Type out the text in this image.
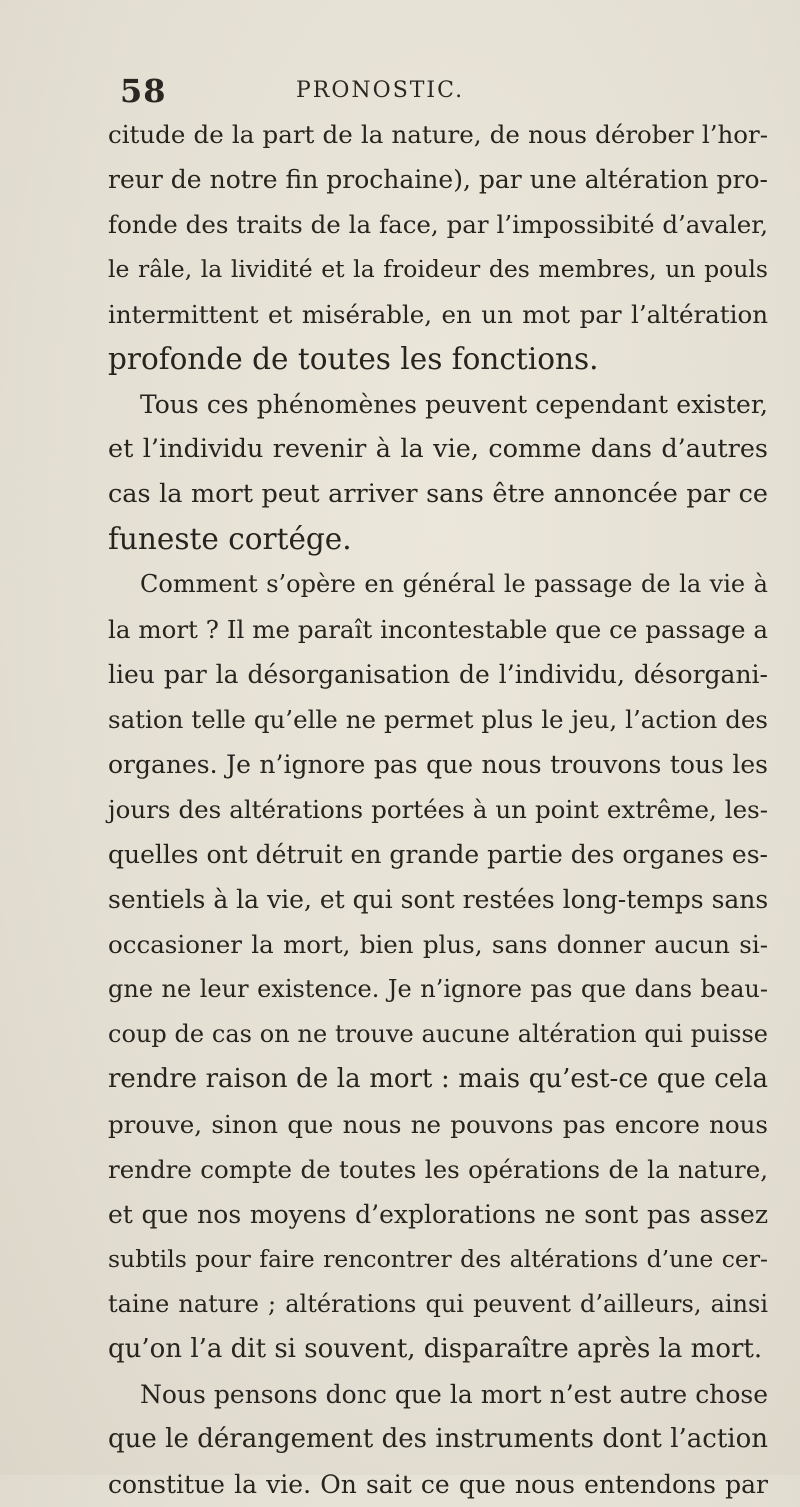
58	PRONOSTIC.
citude de la part de la nature, de nous dérober l’hor-
reur de notre fin prochaine), par une altération pro-
fonde des traits de la face, par l’impossibité d’avaler,
le râle, la lividité et la froideur des membres, un pouls
intermittent et misérable, en un mot par l’altération
profonde de toutes les fonctions.
Tous ces phénomènes peuvent cependant exister,
et l’individu revenir à la vie, comme dans d’autres
cas la mort peut arriver sans être annoncée par ce
funeste cortége.
Comment s’opère en général le passage de la vie à
la mort ? Il me paraît incontestable que ce passage a
lieu par la désorganisation de l’individu, désorgani-
sation telle qu’elle ne permet plus le jeu, l’action des
organes. Je n’ignore pas que nous trouvons tous les
jours des altérations portées à un point extrême, les-
quelles ont détruit en grande partie des organes es-
sentiels à la vie, et qui sont restées long-temps sans
occasioner la mort, bien plus, sans donner aucun si-
gne ne leur existence. Je n’ignore pas que dans beau-
coup de cas on ne trouve aucune altération qui puisse
rendre raison de la mort : mais qu’est-ce que cela
prouve, sinon que nous ne pouvons pas encore nous
rendre compte de toutes les opérations de la nature,
et que nos moyens d’explorations ne sont pas assez
subtils pour faire rencontrer des altérations d’une cer-
taine nature ; altérations qui peuvent d’ailleurs, ainsi
qu’on l’a dit si souvent, disparaître après la mort.
Nous pensons donc que la mort n’est autre chose
que le dérangement des instruments dont l’action
constitue la vie. On sait ce que nous entendons par
